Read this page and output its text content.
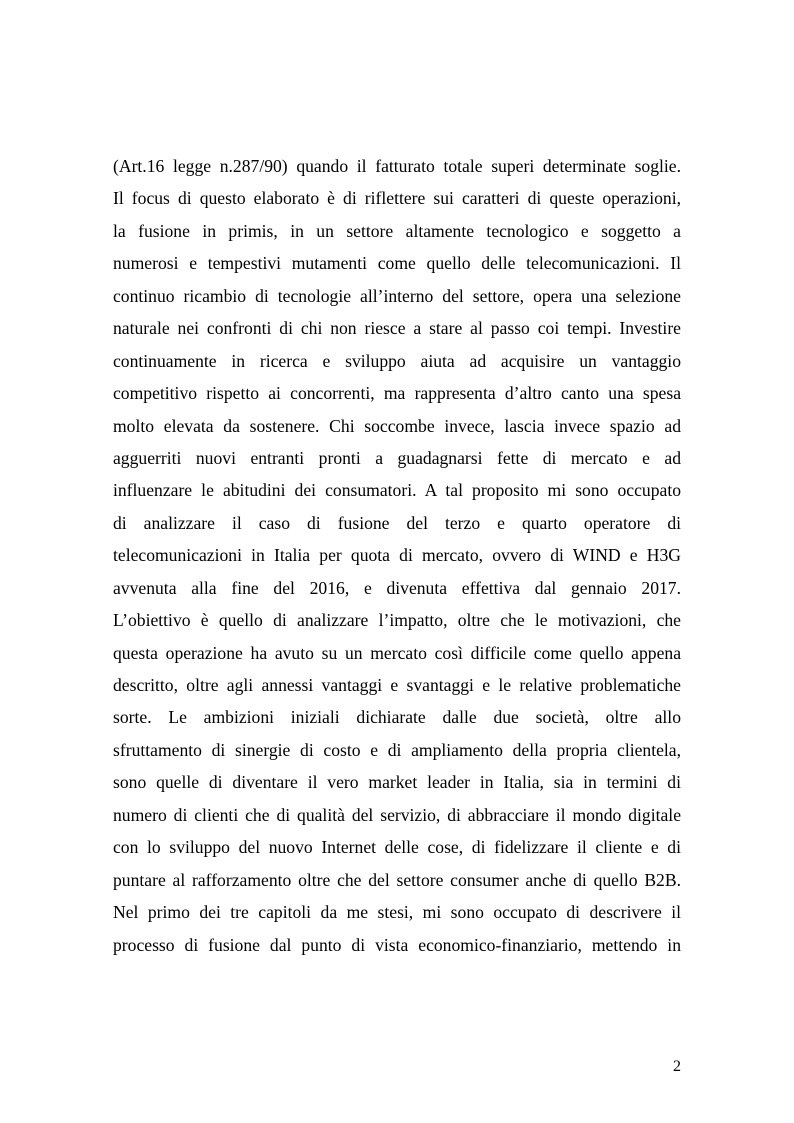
(Art.16 legge n.287/90) quando il fatturato totale superi determinate soglie.
Il focus di questo elaborato è di riflettere sui caratteri di queste operazioni,
la fusione in primis, in un settore altamente tecnologico e soggetto a
numerosi e tempestivi mutamenti come quello delle telecomunicazioni. Il
continuo ricambio di tecnologie all’interno del settore, opera una selezione
naturale nei confronti di chi non riesce a stare al passo coi tempi. Investire
continuamente in ricerca e sviluppo aiuta ad acquisire un vantaggio
competitivo rispetto ai concorrenti, ma rappresenta d’altro canto una spesa
molto elevata da sostenere. Chi soccombe invece, lascia invece spazio ad
agguerriti nuovi entranti pronti a guadagnarsi fette di mercato e ad
influenzare le abitudini dei consumatori. A tal proposito mi sono occupato
di analizzare il caso di fusione del terzo e quarto operatore di
telecomunicazioni in Italia per quota di mercato, ovvero di WIND e H3G
avvenuta alla fine del 2016, e divenuta effettiva dal gennaio 2017.
L’obiettivo è quello di analizzare l’impatto, oltre che le motivazioni, che
questa operazione ha avuto su un mercato così difficile come quello appena
descritto, oltre agli annessi vantaggi e svantaggi e le relative problematiche
sorte. Le ambizioni iniziali dichiarate dalle due società, oltre allo
sfruttamento di sinergie di costo e di ampliamento della propria clientela,
sono quelle di diventare il vero market leader in Italia, sia in termini di
numero di clienti che di qualità del servizio, di abbracciare il mondo digitale
con lo sviluppo del nuovo Internet delle cose, di fidelizzare il cliente e di
puntare al rafforzamento oltre che del settore consumer anche di quello B2B.
Nel primo dei tre capitoli da me stesi, mi sono occupato di descrivere il
processo di fusione dal punto di vista economico-finanziario, mettendo in
2
